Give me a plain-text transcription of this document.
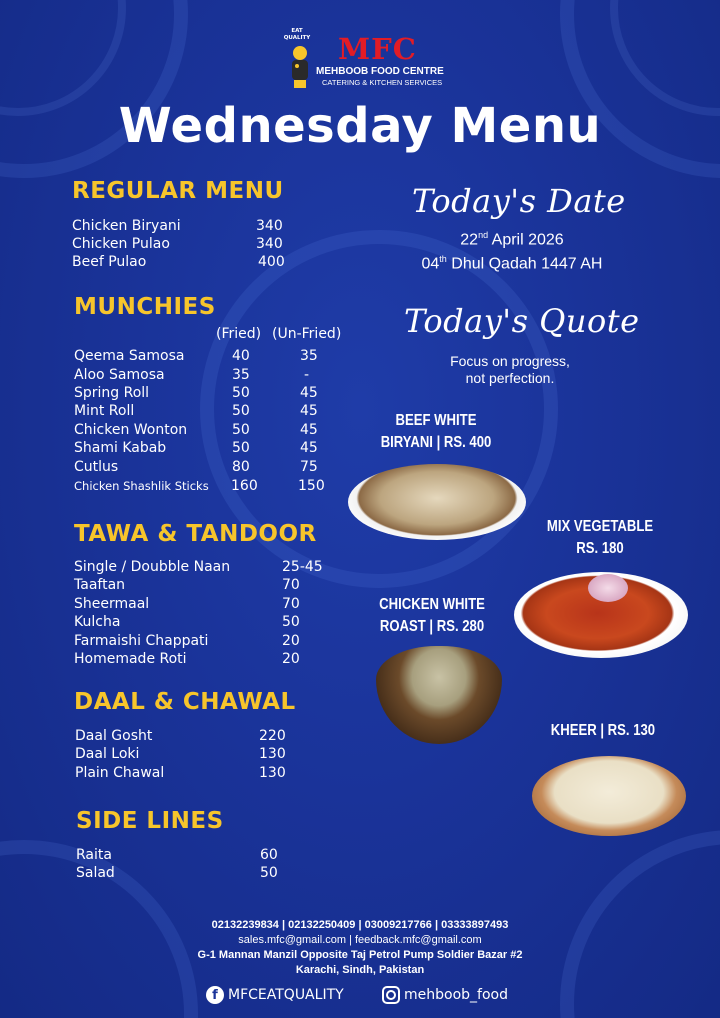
EAT QUALITY MFC
MEHBOOB FOOD CENTRE
CATERING & KITCHEN SERVICES
Wednesday Menu
REGULAR MENU
Chicken Biryani	340
Chicken Pulao	340
Beef Pulao	400
MUNCHIES
(Fried) (Un-Fried)
Qeema Samosa	40	35
Aloo Samosa	35	-
Spring Roll	50	45
Mint Roll	50	45
Chicken Wonton	50	45
Shami Kabab	50	45
Cutlus	80	75
Chicken Shashlik Sticks 160	150
TAWA & TANDOOR
Single / Doubble Naan	25-45
Taaftan	70
Sheermaal	70
Kulcha	50
Farmaishi Chappati	20
Homemade Roti	20
DAAL & CHAWAL
Daal Gosht	220
Daal Loki	130
Plain Chawal	130
SIDE LINES
Raita	60
Salad	50
Today's Date
22nd April 2026
04th Dhul Qadah 1447 AH
Today's Quote
Focus on progress,
not perfection.
BEEF WHITE
BIRYANI | RS. 400
MIX VEGETABLE
RS. 180
CHICKEN WHITE
ROAST | RS. 280
KHEER | RS. 130
02132239834 | 02132250409 | 03009217766 | 03333897493
sales.mfc@gmail.com | feedback.mfc@gmail.com
G-1 Mannan Manzil Opposite Taj Petrol Pump Soldier Bazar #2
Karachi, Sindh, Pakistan
f MFCEATQUALITY	mehboob_food
